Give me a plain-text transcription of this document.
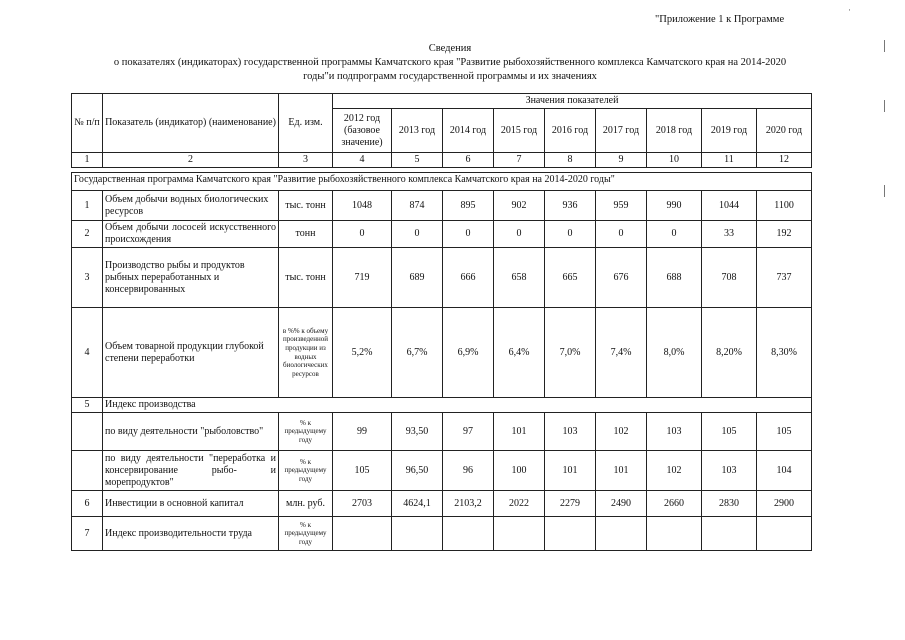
"Приложение 1 к Программе
·
Сведения
о показателях (индикаторах) государственной программы Камчатского края "Развитие рыбохозяйственного комплекса Камчатского края на 2014-2020
годы"и подпрограмм государственной программы и их значениях
№ п/п	Показатель (индикатор) (наименование)	Ед. изм.	Значения показателей								
			2012 год (базовое значение)	2013 год	2014 год	2015 год	2016 год	2017 год	2018 год	2019 год	2020 год
1	2	3	4	5	6	7	8	9	10	11	12

Государственная программа Камчатского края "Развитие рыбохозяйственного комплекса Камчатского края на 2014-2020 годы"											
1	Объем добычи водных биологических ресурсов	тыс. тонн	1048	874	895	902	936	959	990	1044	1100
2	Объем добычи лососей искусственного происхождения	тонн	0	0	0	0	0	0	0	33	192
3	Производство рыбы и продуктов рыбных переработанных и консервированных	тыс. тонн	719	689	666	658	665	676	688	708	737
4	Объем товарной продукции глубокой степени переработки	в %% к объему произведенной продукции из водных биологических ресурсов	5,2%	6,7%	6,9%	6,4%	7,0%	7,4%	8,0%	8,20%	8,30%
5	Индекс производства										
	по виду деятельности "рыболовство"	% к предыдущему году	99	93,50	97	101	103	102	103	105	105
	по виду деятельности "переработка и консервирование рыбо- и морепродуктов"	% к предыдущему году	105	96,50	96	100	101	101	102	103	104
6	Инвестиции в основной капитал	млн. руб.	2703	4624,1	2103,2	2022	2279	2490	2660	2830	2900
7	Индекс производительности труда	% к предыдущему году									
